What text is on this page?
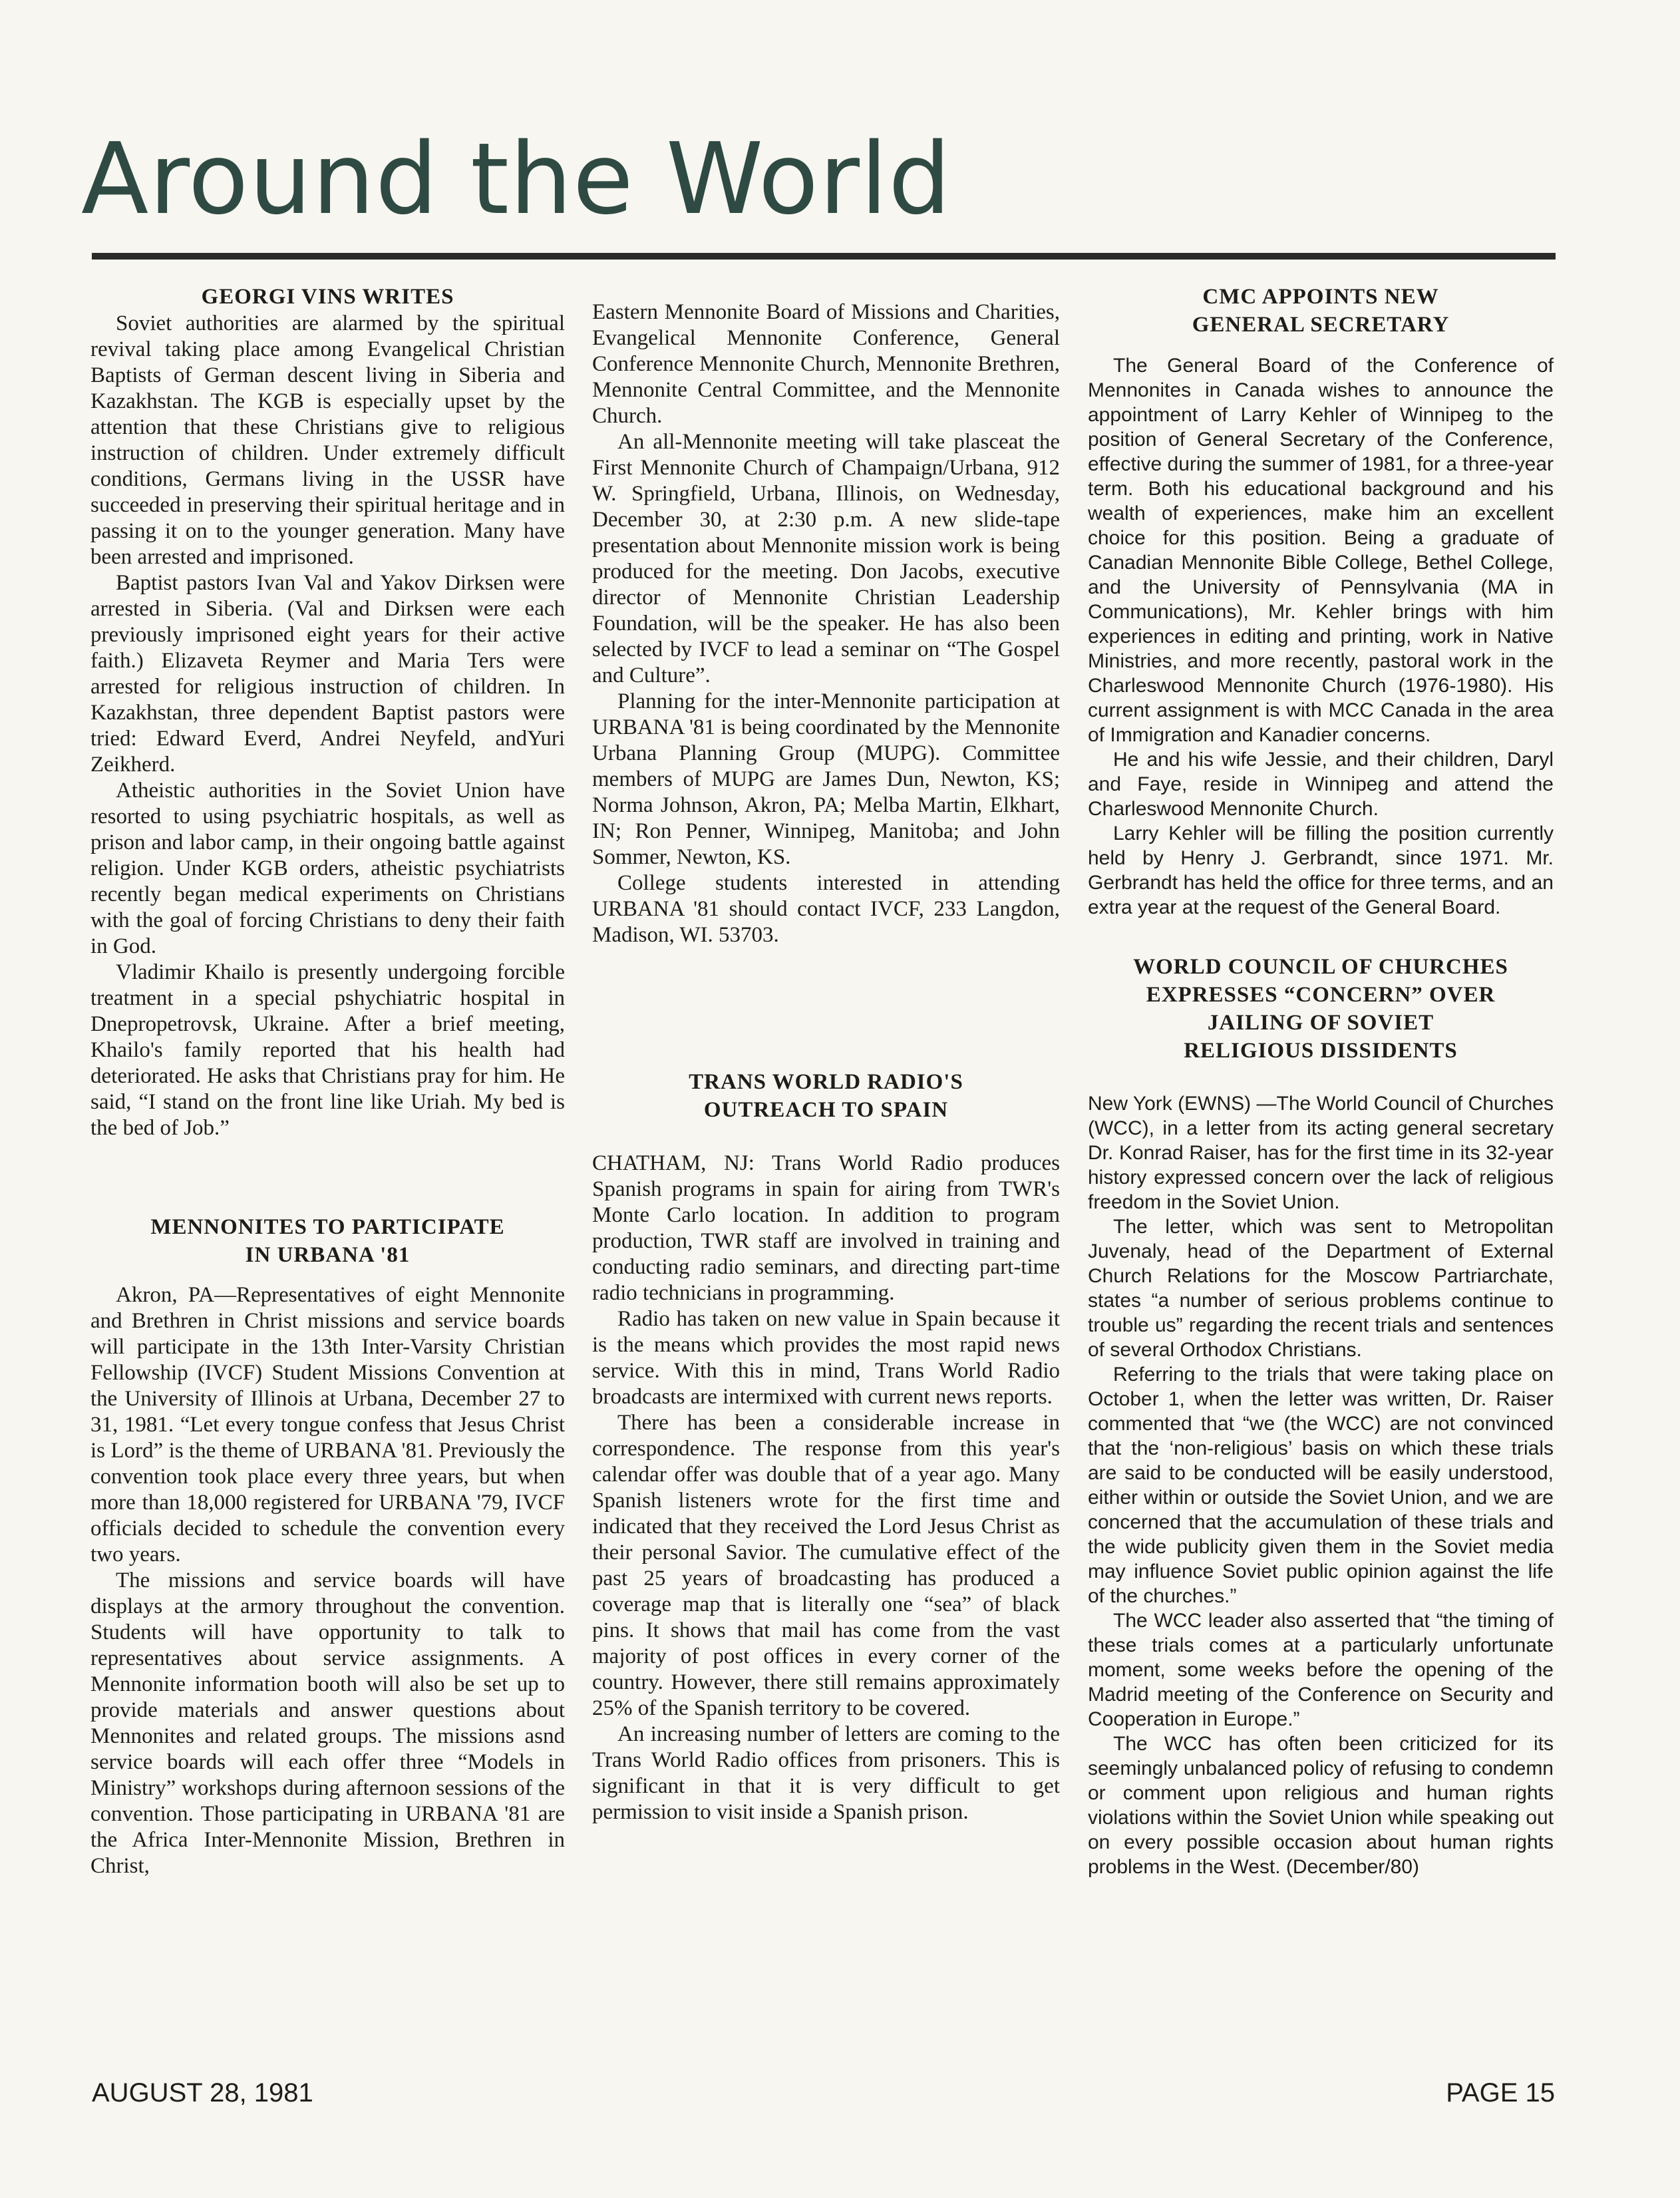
Around the World
GEORGI VINS WRITES

Soviet authorities are alarmed by the spiritual revival taking place among Evangelical Christian Baptists of German descent living in Siberia and Kazakhstan. The KGB is especially upset by the attention that these Christians give to religious instruction of children. Under extremely difficult conditions, Germans living in the USSR have succeeded in preserving their spiritual heritage and in passing it on to the younger generation. Many have been arrested and imprisoned.

Baptist pastors Ivan Val and Yakov Dirksen were arrested in Siberia. (Val and Dirksen were each previously imprisoned eight years for their active faith.) Elizaveta Reymer and Maria Ters were arrested for religious instruction of children. In Kazakhstan, three dependent Baptist pastors were tried: Edward Everd, Andrei Neyfeld, andYuri Zeikherd.

Atheistic authorities in the Soviet Union have resorted to using psychiatric hospitals, as well as prison and labor camp, in their ongoing battle against religion. Under KGB orders, atheistic psychiatrists recently began medical experiments on Christians with the goal of forcing Christians to deny their faith in God.

Vladimir Khailo is presently undergoing forcible treatment in a special pshychiatric hospital in Dnepropetrovsk, Ukraine. After a brief meeting, Khailo's family reported that his health had deteriorated. He asks that Christians pray for him. He said, “I stand on the front line like Uriah. My bed is the bed of Job.”

MENNONITES TO PARTICIPATE
IN URBANA '81

Akron, PA—Representatives of eight Mennonite and Brethren in Christ missions and service boards will participate in the 13th Inter-Varsity Christian Fellowship (IVCF) Student Missions Convention at the University of Illinois at Urbana, December 27 to 31, 1981. “Let every tongue confess that Jesus Christ is Lord” is the theme of URBANA '81. Previously the convention took place every three years, but when more than 18,000 registered for URBANA '79, IVCF officials decided to schedule the convention every two years.

The missions and service boards will have displays at the armory throughout the convention. Students will have opportunity to talk to representatives about service assignments. A Mennonite information booth will also be set up to provide materials and answer questions about Mennonites and related groups. The missions asnd service boards will each offer three “Models in Ministry” workshops during afternoon sessions of the convention. Those participating in URBANA '81 are the Africa Inter-Mennonite Mission, Brethren in Christ,

Eastern Mennonite Board of Missions and Charities, Evangelical Mennonite Conference, General Conference Mennonite Church, Mennonite Brethren, Mennonite Central Committee, and the Mennonite Church.

An all-Mennonite meeting will take plasceat the First Mennonite Church of Champaign/Urbana, 912 W. Springfield, Urbana, Illinois, on Wednesday, December 30, at 2:30 p.m. A new slide-tape presentation about Mennonite mission work is being produced for the meeting. Don Jacobs, executive director of Mennonite Christian Leadership Foundation, will be the speaker. He has also been selected by IVCF to lead a seminar on “The Gospel and Culture”.

Planning for the inter-Mennonite participation at URBANA '81 is being coordinated by the Mennonite Urbana Planning Group (MUPG). Committee members of MUPG are James Dun, Newton, KS; Norma Johnson, Akron, PA; Melba Martin, Elkhart, IN; Ron Penner, Winnipeg, Manitoba; and John Sommer, Newton, KS.

College students interested in attending URBANA '81 should contact IVCF, 233 Langdon, Madison, WI. 53703.

TRANS WORLD RADIO'S
OUTREACH TO SPAIN

CHATHAM, NJ: Trans World Radio produces Spanish programs in spain for airing from TWR's Monte Carlo location. In addition to program production, TWR staff are involved in training and conducting radio seminars, and directing part-time radio technicians in programming.

Radio has taken on new value in Spain because it is the means which provides the most rapid news service. With this in mind, Trans World Radio broadcasts are intermixed with current news reports.

There has been a considerable increase in correspondence. The response from this year's calendar offer was double that of a year ago. Many Spanish listeners wrote for the first time and indicated that they received the Lord Jesus Christ as their personal Savior. The cumulative effect of the past 25 years of broadcasting has produced a coverage map that is literally one “sea” of black pins. It shows that mail has come from the vast majority of post offices in every corner of the country. However, there still remains approximately 25% of the Spanish territory to be covered.

An increasing number of letters are coming to the Trans World Radio offices from prisoners. This is significant in that it is very difficult to get permission to visit inside a Spanish prison.

CMC APPOINTS NEW
GENERAL SECRETARY

The General Board of the Conference of Mennonites in Canada wishes to announce the appointment of Larry Kehler of Winnipeg to the position of General Secretary of the Conference, effective during the summer of 1981, for a three-year term. Both his educational background and his wealth of experiences, make him an excellent choice for this position. Being a graduate of Canadian Mennonite Bible College, Bethel College, and the University of Pennsylvania (MA in Communications), Mr. Kehler brings with him experiences in editing and printing, work in Native Ministries, and more recently, pastoral work in the Charleswood Mennonite Church (1976-1980). His current assignment is with MCC Canada in the area of Immigration and Kanadier concerns.

He and his wife Jessie, and their children, Daryl and Faye, reside in Winnipeg and attend the Charleswood Mennonite Church.

Larry Kehler will be filling the position currently held by Henry J. Gerbrandt, since 1971. Mr. Gerbrandt has held the office for three terms, and an extra year at the request of the General Board.

WORLD COUNCIL OF CHURCHES
EXPRESSES “CONCERN” OVER
JAILING OF SOVIET
RELIGIOUS DISSIDENTS

New York (EWNS) —The World Council of Churches (WCC), in a letter from its acting general secretary Dr. Konrad Raiser, has for the first time in its 32-year history expressed concern over the lack of religious freedom in the Soviet Union.

The letter, which was sent to Metropolitan Juvenaly, head of the Department of External Church Relations for the Moscow Partriarchate, states “a number of serious problems continue to trouble us” regarding the recent trials and sentences of several Orthodox Christians.

Referring to the trials that were taking place on October 1, when the letter was written, Dr. Raiser commented that “we (the WCC) are not convinced that the ‘non-religious’ basis on which these trials are said to be conducted will be easily understood, either within or outside the Soviet Union, and we are concerned that the accumulation of these trials and the wide publicity given them in the Soviet media may influence Soviet public opinion against the life of the churches.”

The WCC leader also asserted that “the timing of these trials comes at a particularly unfortunate moment, some weeks before the opening of the Madrid meeting of the Conference on Security and Cooperation in Europe.”

The WCC has often been criticized for its seemingly unbalanced policy of refusing to condemn or comment upon religious and human rights violations within the Soviet Union while speaking out on every possible occasion about human rights problems in the West. (December/80)

AUGUST 28, 1981	PAGE 15
